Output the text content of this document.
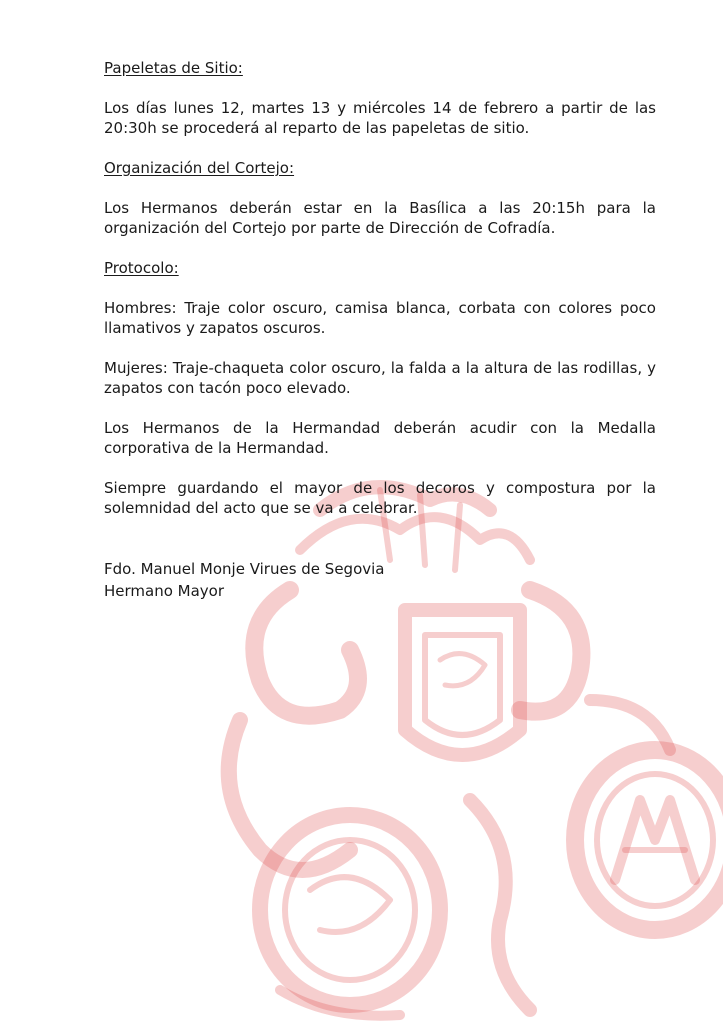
Papeletas de Sitio:

Los días lunes 12, martes 13 y miércoles 14 de febrero a partir de las 20:30h se procederá al reparto de las papeletas de sitio.

Organización del Cortejo:

Los Hermanos deberán estar en la Basílica a las 20:15h para la organización del Cortejo por parte de Dirección de Cofradía.

Protocolo:

Hombres: Traje color oscuro, camisa blanca, corbata con colores poco llamativos y zapatos oscuros.

Mujeres: Traje-chaqueta color oscuro, la falda a la altura de las rodillas, y zapatos con tacón poco elevado.

Los Hermanos de la Hermandad deberán acudir con la Medalla corporativa de la Hermandad.

Siempre guardando el mayor de los decoros y compostura por la solemnidad del acto que se va a celebrar.

Fdo. Manuel Monje Virues de Segovia

Hermano Mayor
